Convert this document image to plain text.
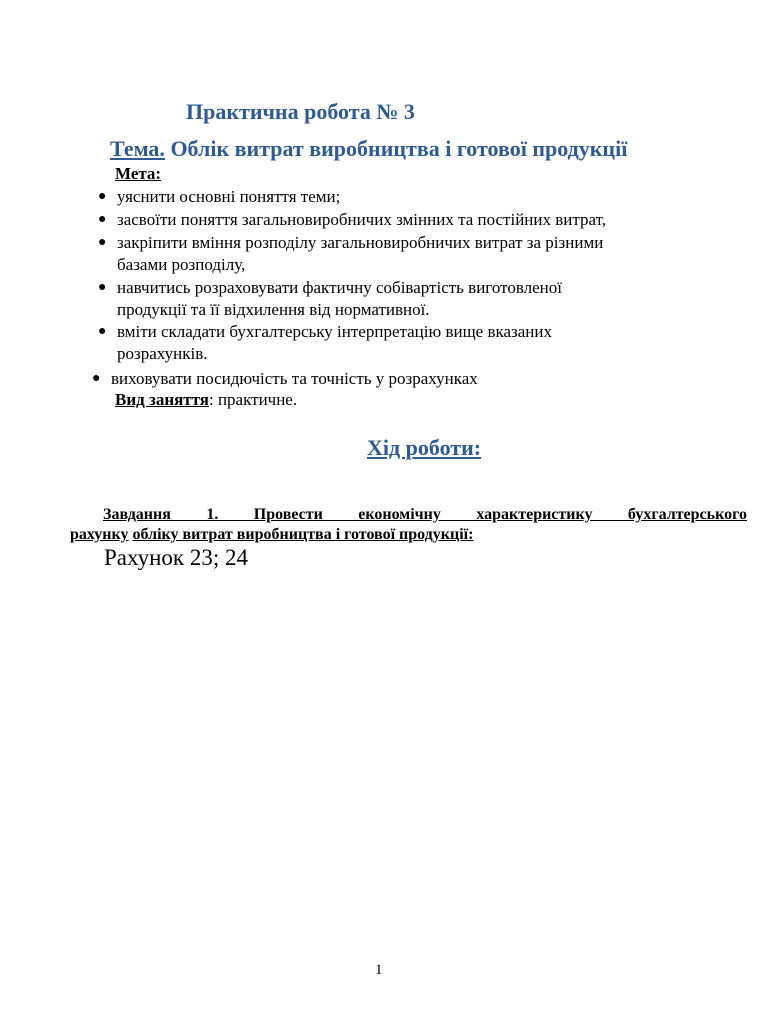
Практична робота № 3
Тема. Облік витрат виробництва і готової продукції
Мета:
● уяснити основні поняття теми;
● засвоїти поняття загальновиробничих змінних та постійних витрат,
● закріпити вміння розподілу загальновиробничих витрат за різними
базами розподілу,
● навчитись розраховувати фактичну собівартість виготовленої
продукції та її відхилення від нормативної.
● вміти складати бухгалтерську інтерпретацію вище вказаних
розрахунків.
● виховувати посидючість та точність у розрахунках
Вид заняття: практичне.
Хід роботи:
Завдання 1. Провести економічну характеристику бухгалтерського
рахунку обліку витрат виробництва і готової продукції:
Рахунок 23; 24
1
